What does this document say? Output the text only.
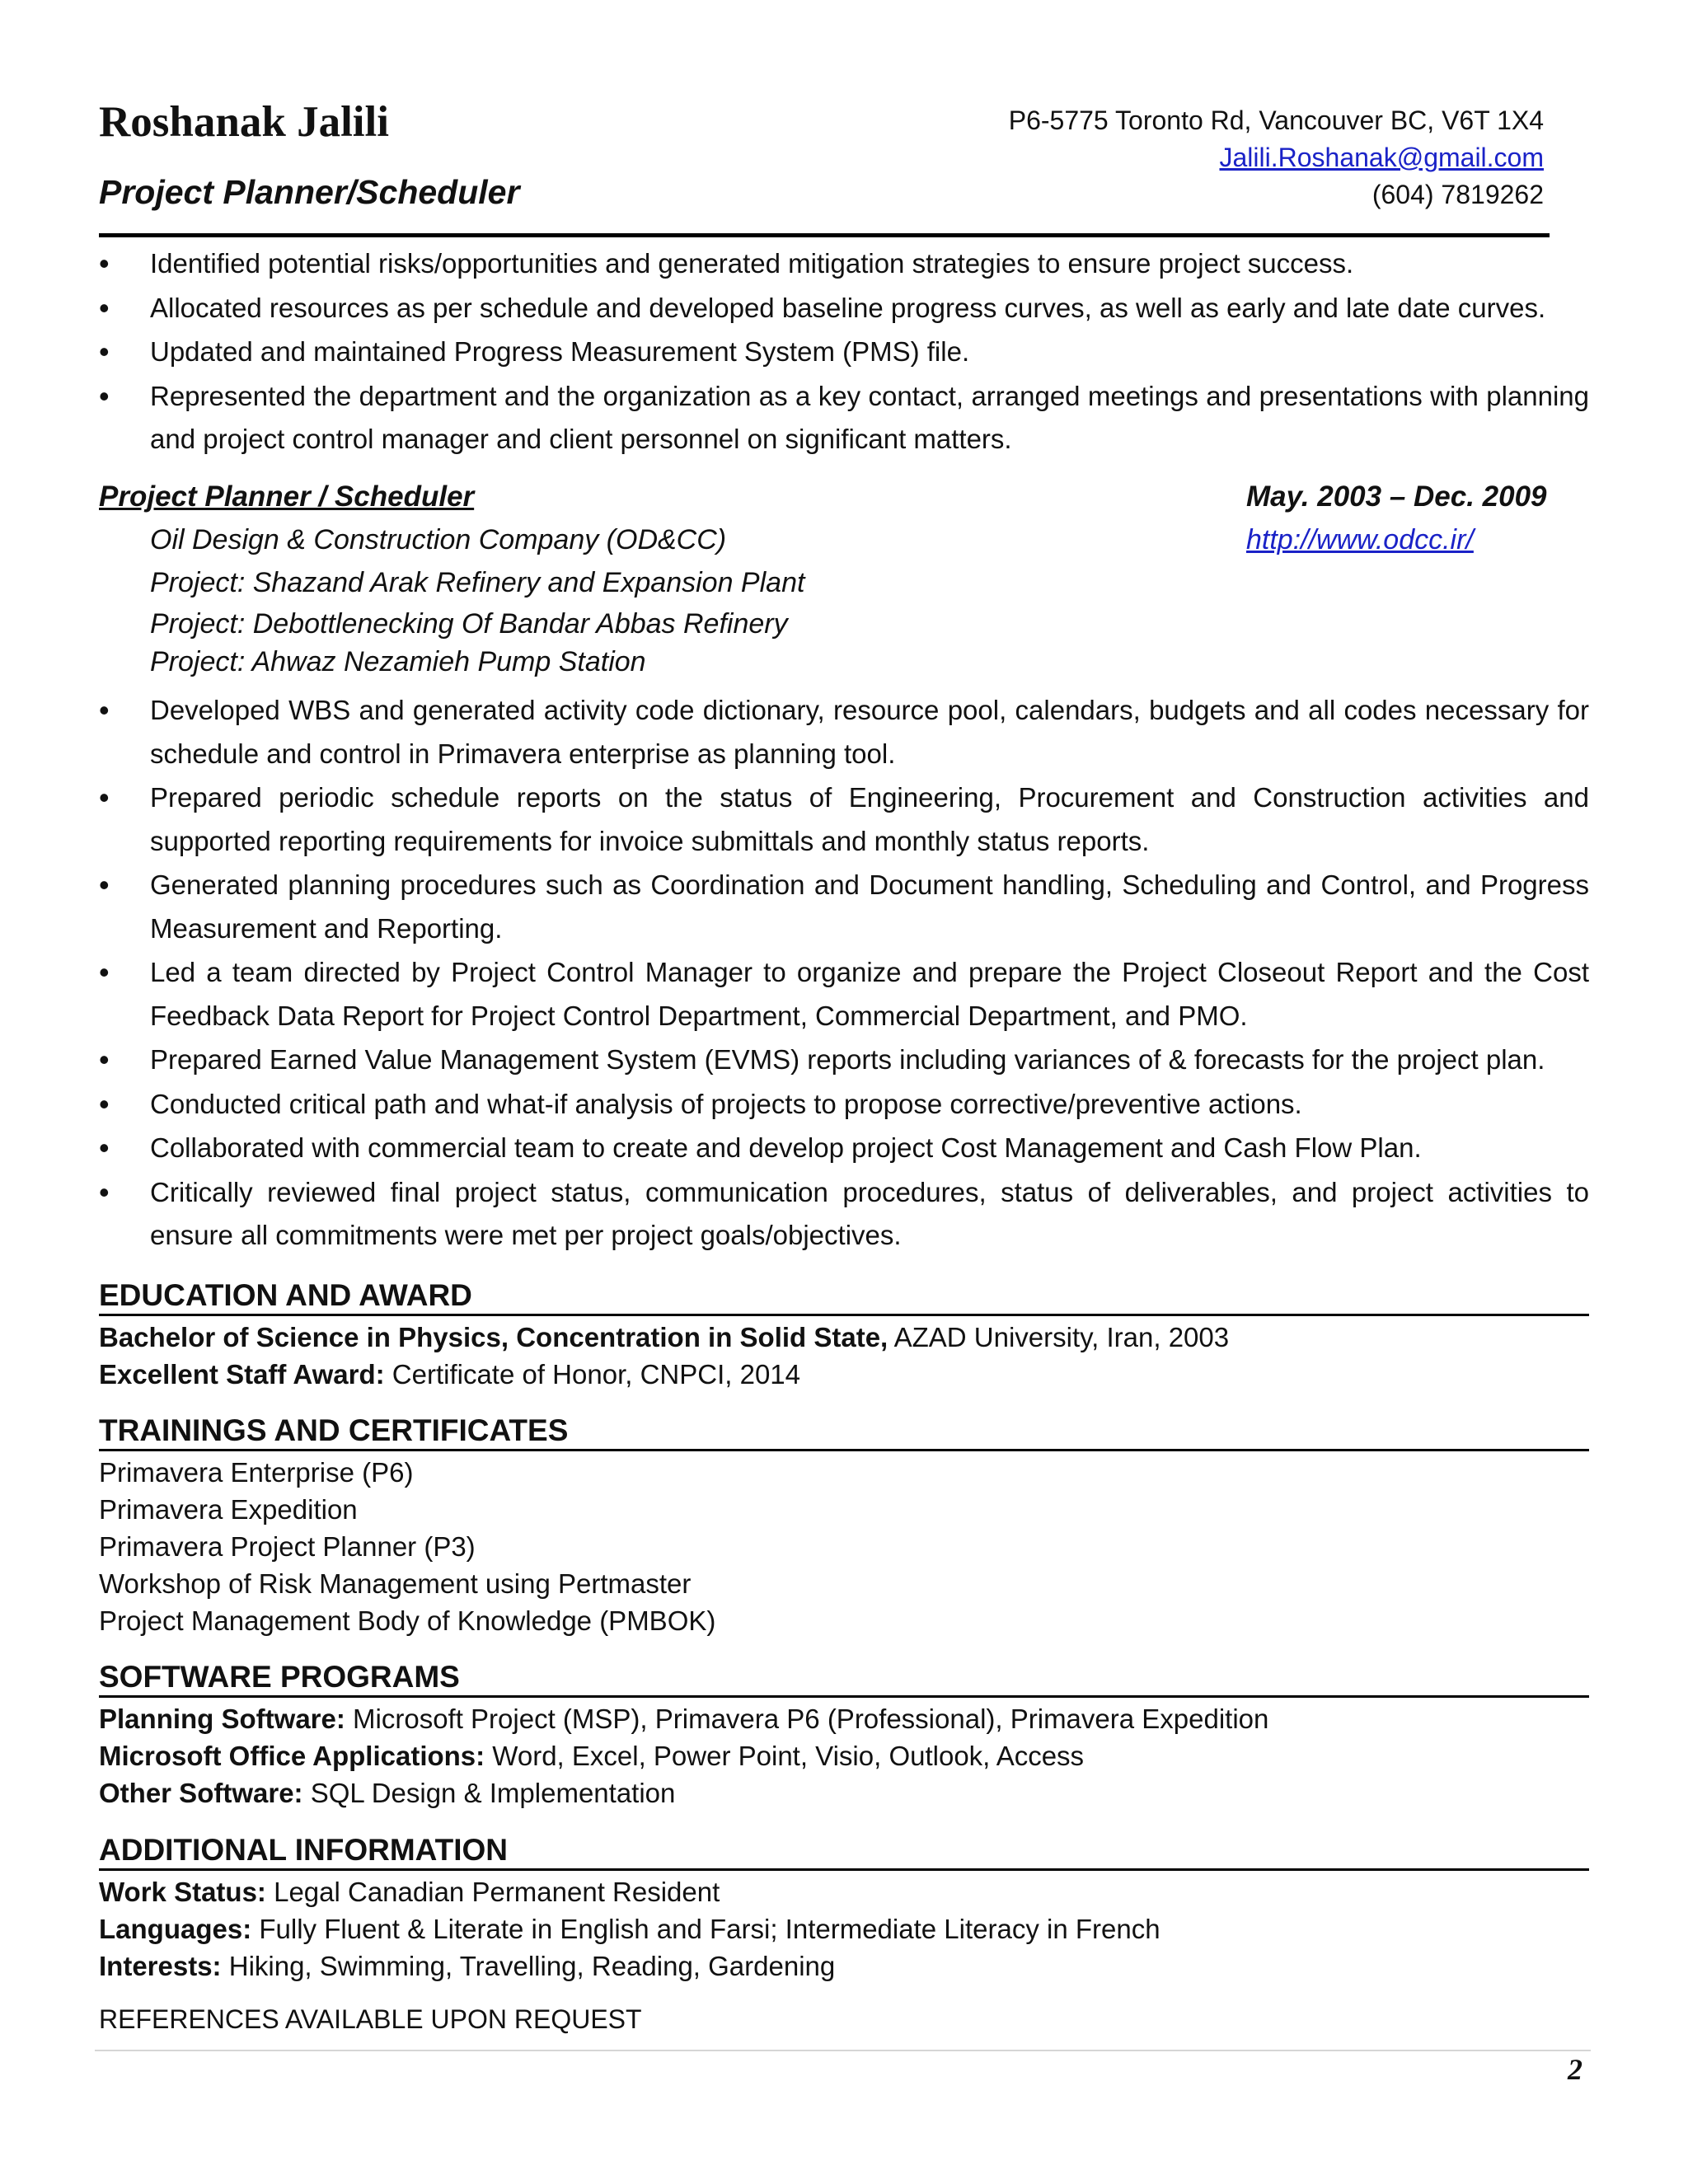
Roshanak Jalili
Project Planner/Scheduler
P6-5775 Toronto Rd, Vancouver BC, V6T 1X4
Jalili.Roshanak@gmail.com
(604) 7819262
• Identified potential risks/opportunities and generated mitigation strategies to ensure project success.
• Allocated resources as per schedule and developed baseline progress curves, as well as early and late date curves.
• Updated and maintained Progress Measurement System (PMS) file.
• Represented the department and the organization as a key contact, arranged meetings and presentations with planning and project control manager and client personnel on significant matters.
Project Planner / Scheduler	May. 2003 – Dec. 2009
Oil Design & Construction Company (OD&CC)	http://www.odcc.ir/
Project: Shazand Arak Refinery and Expansion Plant
Project: Debottlenecking Of Bandar Abbas Refinery
Project: Ahwaz Nezamieh Pump Station
• Developed WBS and generated activity code dictionary, resource pool, calendars, budgets and all codes necessary for schedule and control in Primavera enterprise as planning tool.
• Prepared periodic schedule reports on the status of Engineering, Procurement and Construction activities and supported reporting requirements for invoice submittals and monthly status reports.
• Generated planning procedures such as Coordination and Document handling, Scheduling and Control, and Progress Measurement and Reporting.
• Led a team directed by Project Control Manager to organize and prepare the Project Closeout Report and the Cost Feedback Data Report for Project Control Department, Commercial Department, and PMO.
• Prepared Earned Value Management System (EVMS) reports including variances of & forecasts for the project plan.
• Conducted critical path and what-if analysis of projects to propose corrective/preventive actions.
• Collaborated with commercial team to create and develop project Cost Management and Cash Flow Plan.
• Critically reviewed final project status, communication procedures, status of deliverables, and project activities to ensure all commitments were met per project goals/objectives.
EDUCATION AND AWARD
Bachelor of Science in Physics, Concentration in Solid State, AZAD University, Iran, 2003
Excellent Staff Award: Certificate of Honor, CNPCI, 2014
TRAININGS AND CERTIFICATES
Primavera Enterprise (P6)
Primavera Expedition
Primavera Project Planner (P3)
Workshop of Risk Management using Pertmaster
Project Management Body of Knowledge (PMBOK)
SOFTWARE PROGRAMS
Planning Software: Microsoft Project (MSP), Primavera P6 (Professional), Primavera Expedition
Microsoft Office Applications: Word, Excel, Power Point, Visio, Outlook, Access
Other Software: SQL Design & Implementation
ADDITIONAL INFORMATION
Work Status: Legal Canadian Permanent Resident
Languages: Fully Fluent & Literate in English and Farsi; Intermediate Literacy in French
Interests: Hiking, Swimming, Travelling, Reading, Gardening
REFERENCES AVAILABLE UPON REQUEST
2
